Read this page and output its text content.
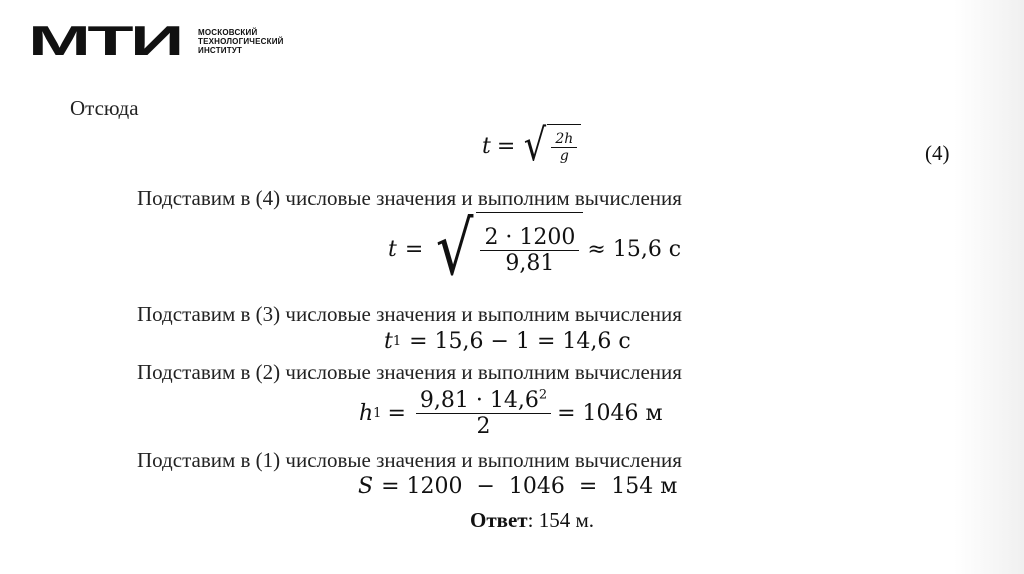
МТИ	МОСКОВСКИЙ
ТЕХНОЛОГИЧЕСКИЙ
ИНСТИТУТ
Отсюда
t = √ $\frac{2h}{g}$	(4)
Подставим в (4) числовые значения и выполним вычисления
t = √ $\frac{2 \cdot 1200}{9,81} \approx 15,6$ с
Подставим в (3) числовые значения и выполним вычисления
t 1 = 15,6 − 1 = 14,6 с
Подставим в (2) числовые значения и выполним вычисления
h $1 = \frac{9,81 \cdot 14,6^2}{2} = 1046$ м
Подставим в (1) числовые значения и выполним вычисления
S = 1200  −  1046  =  154 м
Ответ: 154 м.
